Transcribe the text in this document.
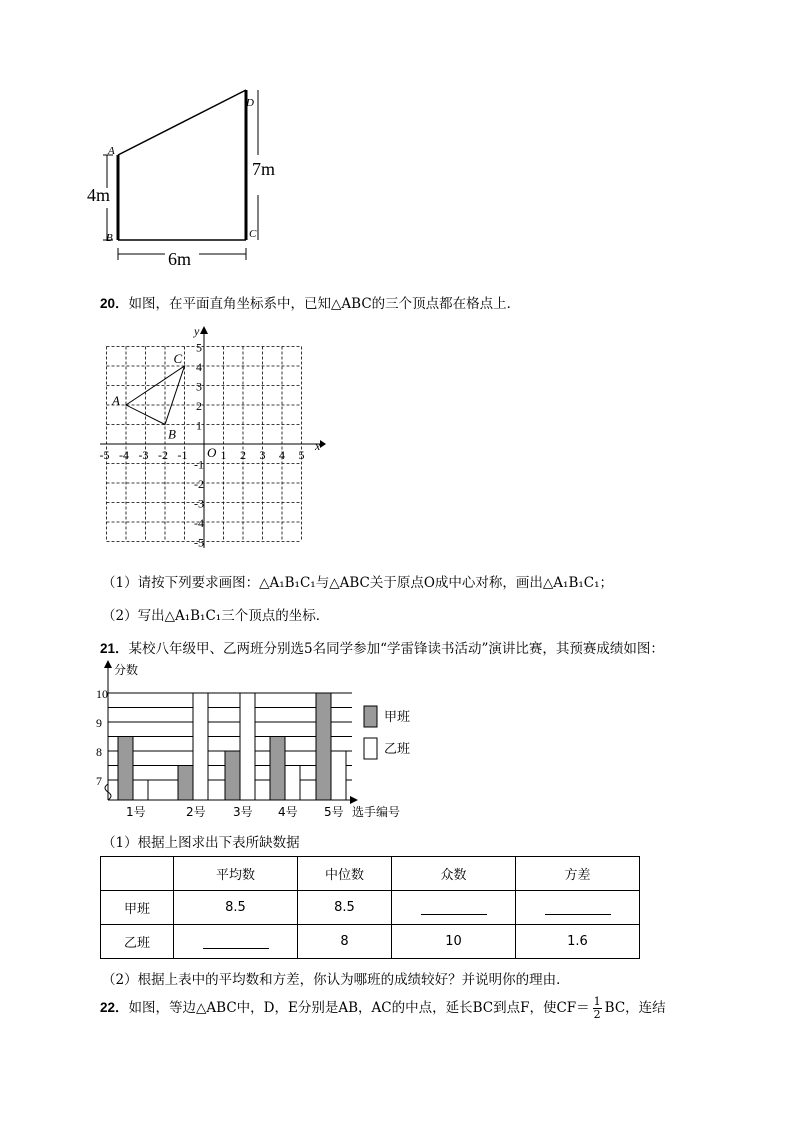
4m
7m
6m
A
B	C
D
20．如图，在平面直角坐标系中，已知△ABC的三个顶点都在格点上．
x
y
O
-5 -4 -3 -2 -1	1 2 3 4 5
5
4
3
2
1
-1
-2
-3
-4
-5
A
B
C
（1）请按下列要求画图：△A₁B₁C₁与△ABC关于原点O成中心对称，画出△A₁B₁C₁；
（2）写出△A₁B₁C₁三个顶点的坐标．
21．某校八年级甲、乙两班分别选5名同学参加“学雷锋读书活动”演讲比赛，其预赛成绩如图：
分数
10
9
8
7
1号	2号 3号 4号 5号 选手编号
甲班
乙班
（1）根据上图求出下表所缺数据
	平均数	中位数	众数	方差
甲班	8.5	8.5		
乙班		8	10	1.6
（2）根据上表中的平均数和方差，你认为哪班的成绩较好？并说明你的理由．
22．如图，等边△ABC中，D，E分别是AB，AC的中点，延长BC到点F，使$CF= \frac{1}{2}$ BC，连结
